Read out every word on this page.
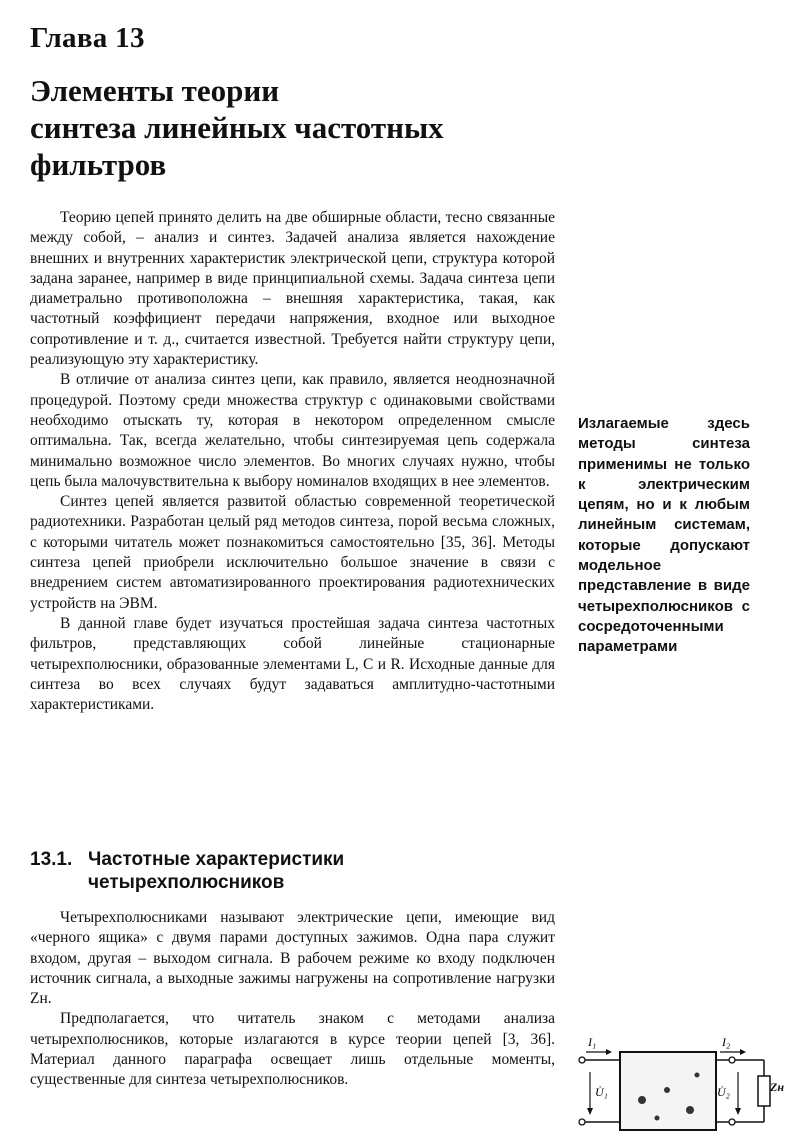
Глава 13
Элементы теории
синтеза линейных частотных
фильтров

Теорию цепей принято делить на две обширные области, тесно связанные между собой, – анализ и синтез. Задачей анализа является нахождение внешних и внутренних характеристик электрической цепи, структура которой задана заранее, например в виде принципиальной схемы. Задача синтеза цепи диаметрально противоположна – внешняя характеристика, такая, как частотный коэффициент передачи напряжения, входное или выходное сопротивление и т. д., считается известной. Требуется найти структуру цепи, реализующую эту характеристику.

В отличие от анализа синтез цепи, как правило, является неоднозначной процедурой. Поэтому среди множества структур с одинаковыми свойствами необходимо отыскать ту, которая в некотором определенном смысле оптимальна. Так, всегда желательно, чтобы синтезируемая цепь содержала минимально возможное число элементов. Во многих случаях нужно, чтобы цепь была малочувствительна к выбору номиналов входящих в нее элементов.

Синтез цепей является развитой областью современной теоретической радиотехники. Разработан целый ряд методов синтеза, порой весьма сложных, с которыми читатель может познакомиться самостоятельно [35, 36]. Методы синтеза цепей приобрели исключительно большое значение в связи с внедрением систем автоматизированного проектирования радиотехнических устройств на ЭВМ.

В данной главе будет изучаться простейшая задача синтеза частотных фильтров, представляющих собой линейные стационарные четырехполюсники, образованные элементами L, C и R. Исходные данные для синтеза во всех случаях будут задаваться амплитудно-частотными характеристиками.

Излагаемые здесь методы синтеза применимы не только к электрическим цепям, но и к любым линейным системам, которые допускают модельное представление в виде четырехполюсников с сосредоточенными параметрами
13.1. Частотные характеристики
четырехполюсников

Четырехполюсниками называют электрические цепи, имеющие вид «черного ящика» с двумя парами доступных зажимов. Одна пара служит входом, другая – выходом сигнала. В рабочем режиме ко входу подключен источник сигнала, а выходные зажимы нагружены на сопротивление нагрузки Zн.

Предполагается, что читатель знаком с методами анализа четырехполюсников, которые излагаются в курсе теории цепей [3, 36]. Материал данного параграфа освещает лишь отдельные моменты, существенные для синтеза четырехполюсников.

I₁
U̇₁
I₂
U̇₂	Zн
